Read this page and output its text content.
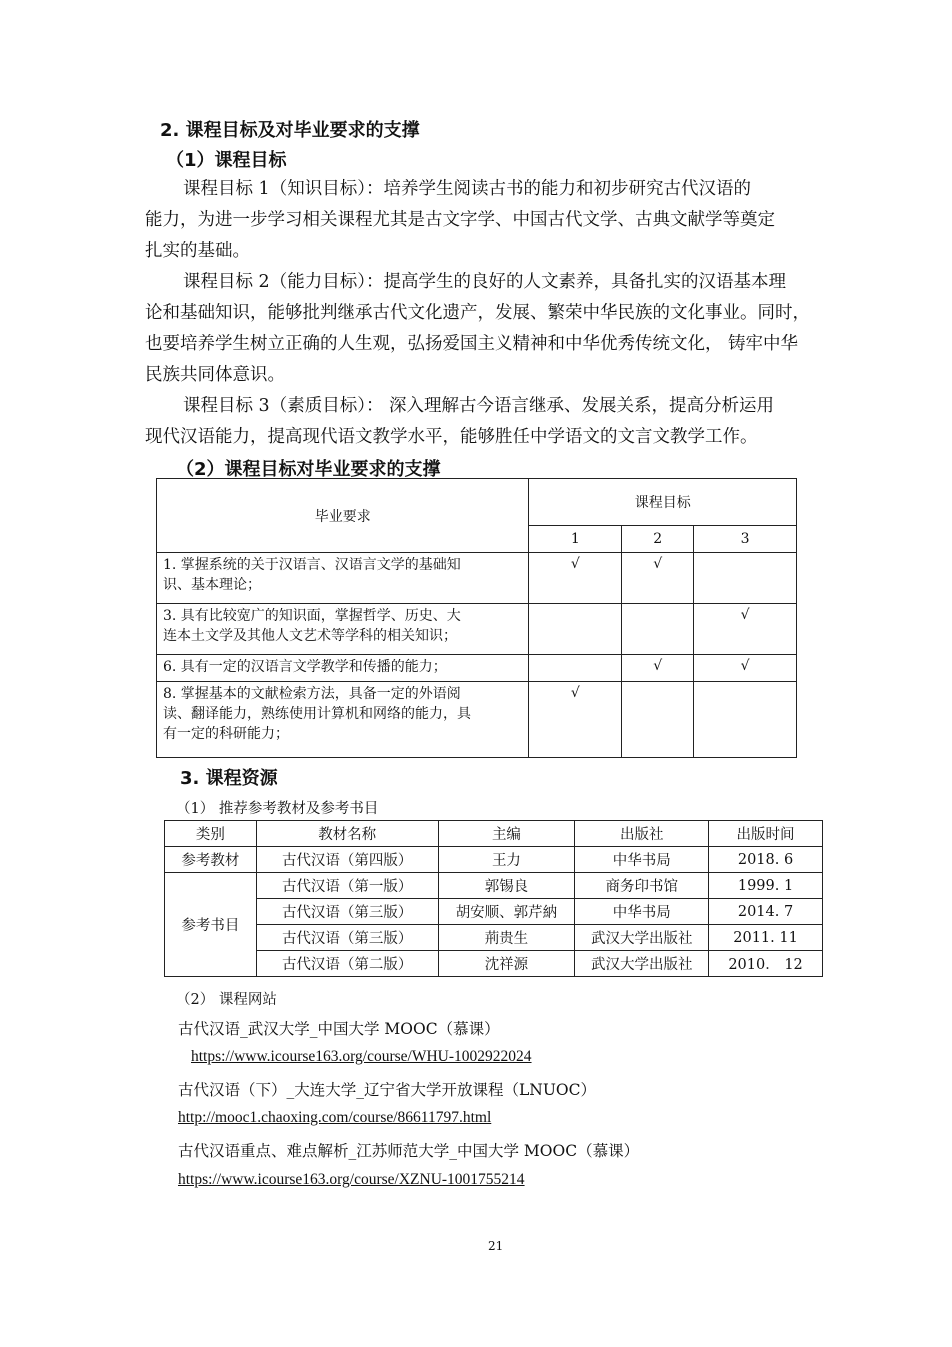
2. 课程目标及对毕业要求的支撑
（1）课程目标
课程目标 1（知识目标）：培养学生阅读古书的能力和初步研究古代汉语的
能力，为进一步学习相关课程尤其是古文字学、中国古代文学、古典文献学等奠定
扎实的基础。
课程目标 2（能力目标）：提高学生的良好的人文素养，具备扎实的汉语基本理
论和基础知识，能够批判继承古代文化遗产，发展、繁荣中华民族的文化事业。同时，
也要培养学生树立正确的人生观，弘扬爱国主义精神和中华优秀传统文化， 铸牢中华
民族共同体意识。
课程目标 3（素质目标）： 深入理解古今语言继承、发展关系，提高分析运用
现代汉语能力，提高现代语文教学水平，能够胜任中学语文的文言文教学工作。
（2）课程目标对毕业要求的支撑
毕业要求	课程目标		
	1	2	3

1. 掌握系统的关于汉语言、汉语言文学的基础知
识、基本理论；	√	√	

3. 具有比较宽广的知识面，掌握哲学、历史、大
连本土文学及其他人文艺术等学科的相关知识；			√

6. 具有一定的汉语言文学教学和传播的能力；		√	√

8. 掌握基本的文献检索方法，具备一定的外语阅
读、翻译能力，熟练使用计算机和网络的能力，具
有一定的科研能力；	√		
3. 课程资源
（1） 推荐参考教材及参考书目
类别	教材名称	主编	出版社	出版时间
参考教材	古代汉语（第四版）	王力	中华书局	2018. 6
参考书目	古代汉语（第一版）	郭锡良	商务印书馆	1999. 1
	古代汉语（第三版）	胡安顺、郭芹納	中华书局	2014. 7
	古代汉语（第三版）	荊贵生	武汉大学出版社	2011. 11
	古代汉语（第二版）	沈祥源	武汉大学出版社	2010． 12
（2） 课程网站
古代汉语_武汉大学_中国大学 MOOC（慕课）
https://www.icourse163.org/course/WHU-1002922024
古代汉语（下）_大连大学_辽宁省大学开放课程（LNUOC）
http://mooc1.chaoxing.com/course/86611797.html
古代汉语重点、难点解析_江苏师范大学_中国大学 MOOC（慕课）
https://www.icourse163.org/course/XZNU-1001755214
21
